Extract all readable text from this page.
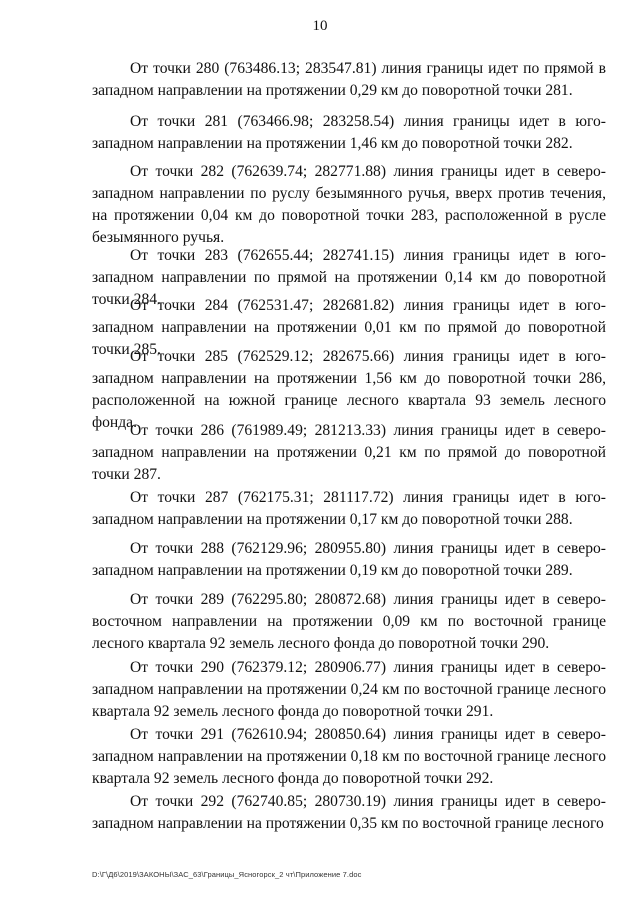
10

От точки 280 (763486.13; 283547.81) линия границы идет по прямой в западном направлении на протяжении 0,29 км до поворотной точки 281.

От точки 281 (763466.98; 283258.54) линия границы идет в юго-западном направлении на протяжении 1,46 км до поворотной точки 282.

От точки 282 (762639.74; 282771.88) линия границы идет в северо-западном направлении по руслу безымянного ручья, вверх против течения, на протяжении 0,04 км до поворотной точки 283, расположенной в русле безымянного ручья.

От точки 283 (762655.44; 282741.15) линия границы идет в юго-западном направлении по прямой на протяжении 0,14 км до поворотной точки 284.

От точки 284 (762531.47; 282681.82) линия границы идет в юго-западном направлении на протяжении 0,01 км по прямой до поворотной точки 285.

От точки 285 (762529.12; 282675.66) линия границы идет в юго-западном направлении на протяжении 1,56 км до поворотной точки 286, расположенной на южной границе лесного квартала 93 земель лесного фонда.

От точки 286 (761989.49; 281213.33) линия границы идет в северо-западном направлении на протяжении 0,21 км по прямой до поворотной точки 287.

От точки 287 (762175.31; 281117.72) линия границы идет в юго-западном направлении на протяжении 0,17 км до поворотной точки 288.

От точки 288 (762129.96; 280955.80) линия границы идет в северо-западном направлении на протяжении 0,19 км до поворотной точки 289.

От точки 289 (762295.80; 280872.68) линия границы идет в северо-восточном направлении на протяжении 0,09 км по восточной границе лесного квартала 92 земель лесного фонда до поворотной точки 290.

От точки 290 (762379.12; 280906.77) линия границы идет в северо-западном направлении на протяжении 0,24 км по восточной границе лесного квартала 92 земель лесного фонда до поворотной точки 291.

От точки 291 (762610.94; 280850.64) линия границы идет в северо-западном направлении на протяжении 0,18 км по восточной границе лесного квартала 92 земель лесного фонда до поворотной точки 292.

От точки 292 (762740.85; 280730.19) линия границы идет в северо-западном направлении на протяжении 0,35 км по восточной границе лесного

D:\Г\Д6\2019\ЗАКОНЫ\ЗАС_63\Границы_Ясногорск_2 чт\Приложение 7.doc
